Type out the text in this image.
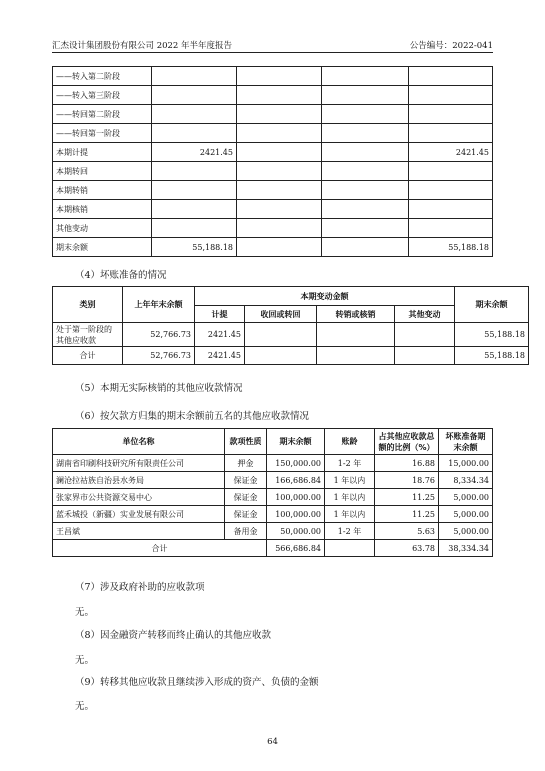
汇杰设计集团股份有限公司 2022 年半年度报告	公告编号：2022-041
——转入第二阶段				
——转入第三阶段				
——转回第二阶段				
——转回第一阶段				
本期计提	2421.45			2421.45
本期转回				
本期转销				
本期核销				
其他变动				
期末余额	55,188.18			55,188.18
（4）坏账准备的情况
类别	上年年末余额	本期变动金额				期末余额
		计提	收回或转回	转销或核销	其他变动	
处于第一阶段的其他应收款	52,766.73	2421.45				55,188.18
合计	52,766.73	2421.45				55,188.18
（5）本期无实际核销的其他应收款情况
（6）按欠款方归集的期末余额前五名的其他应收款情况
单位名称	款项性质	期末余额	账龄	占其他应收款总额的比例（%）	坏账准备期末余额
湖南省印刷科技研究所有限责任公司	押金	150,000.00	1-2 年	16.88	15,000.00
澜沧拉祜族自治县水务局	保证金	166,686.84	1 年以内	18.76	8,334.34
张家界市公共资源交易中心	保证金	100,000.00	1 年以内	11.25	5,000.00
蓝禾城投（新疆）实业发展有限公司	保证金	100,000.00	1 年以内	11.25	5,000.00
王昌斌	备用金	50,000.00	1-2 年	5.63	5,000.00
合计		566,686.84		63.78	38,334.34
（7）涉及政府补助的应收款项
无。
（8）因金融资产转移而终止确认的其他应收款
无。
（9）转移其他应收款且继续涉入形成的资产、负债的金额
无。
64
